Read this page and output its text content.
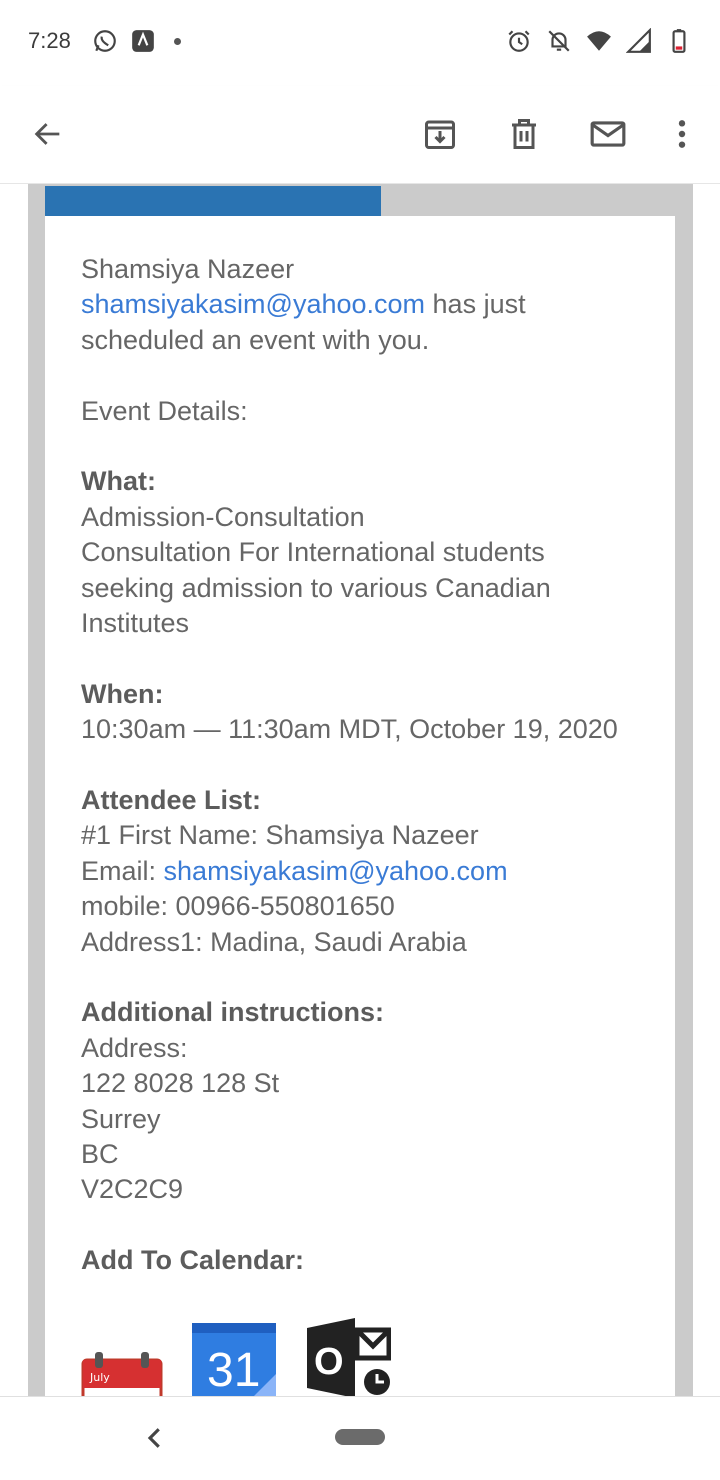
7:28

Shamsiya Nazeer

shamsiyakasim@yahoo.com has just scheduled an event with you.

Event Details:

What:

Admission-Consultation

Consultation For International students seeking admission to various Canadian Institutes

When:

10:30am — 11:30am MDT, October 19, 2020

Attendee List:

#1 First Name: Shamsiya Nazeer

Email: shamsiyakasim@yahoo.com

mobile: 00966-550801650

Address1: Madina, Saudi Arabia

Additional instructions:

Address:

122 8028 128 St

Surrey

BC

V2C2C9

Add To Calendar:

July 31 O
